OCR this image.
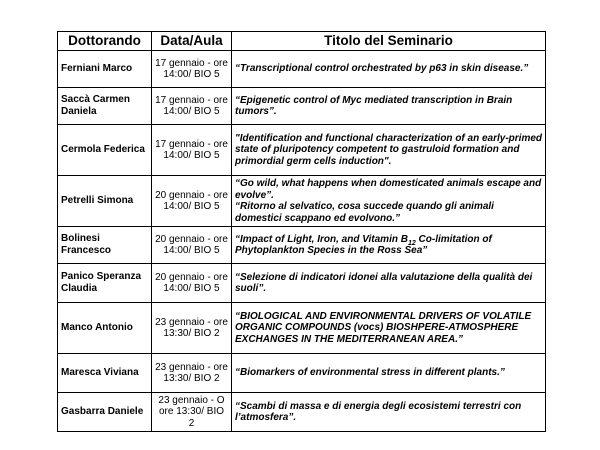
Dottorando	Data/Aula	Titolo del Seminario
Ferniani Marco	17 gennaio - ore 14:00/ BIO 5	“Transcriptional control orchestrated by p63 in skin disease.”
Saccà Carmen Daniela	17 gennaio - ore 14:00/ BIO 5	“Epigenetic control of Myc mediated transcription in Brain tumors”.
Cermola Federica	17 gennaio - ore 14:00/ BIO 5	"Identification and functional characterization of an early-primed state of pluripotency competent to gastruloid formation and primordial germ cells induction".
Petrelli Simona	20 gennaio - ore 14:00/ BIO 5	“Go wild, what happens when domesticated animals escape and evolve”.

“Ritorno al selvatico, cosa succede quando gli animali domestici scappano ed evolvono.”

Bolinesi Francesco	20 gennaio - ore 14:00/ BIO 5	“Impact of Light, Iron, and Vitamin $B_{12}$ Co-limitation of Phytoplankton Species in the Ross Sea”
Panico Speranza Claudia	20 gennaio - ore 14:00/ BIO 5	“Selezione di indicatori idonei alla valutazione della qualità dei suoli”.
Manco Antonio	23 gennaio - ore 13:30/ BIO 2	“BIOLOGICAL AND ENVIRONMENTAL DRIVERS OF VOLATILE ORGANIC COMPOUNDS (vocs) BIOSHPERE-ATMOSPHERE EXCHANGES IN THE MEDITERRANEAN AREA.”
Maresca Viviana	23 gennaio - ore 13:30/ BIO 2	“Biomarkers of environmental stress in different plants.”
Gasbarra Daniele	23 gennaio - O ore 13:30/ BIO 2	“Scambi di massa e di energia degli ecosistemi terrestri con l’atmosfera”.
